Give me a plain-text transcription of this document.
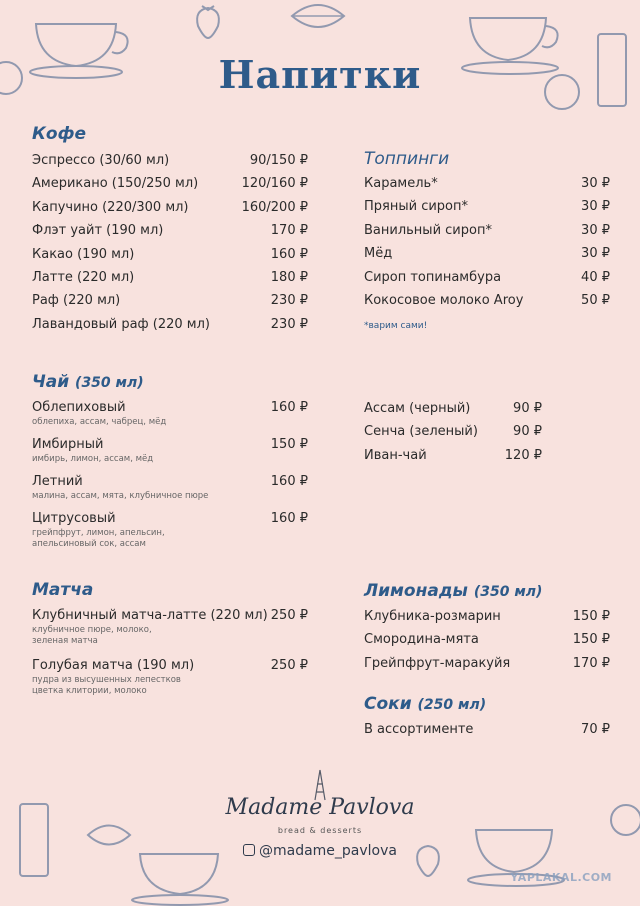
Напитки
Кофе
Эспрессо (30/60 мл)	90/150 ₽
Американо (150/250 мл)	120/160 ₽
Капучино (220/300 мл)	160/200 ₽
Флэт уайт (190 мл)	170 ₽
Какао (190 мл)	160 ₽
Латте (220 мл)	180 ₽
Раф (220 мл)	230 ₽
Лавандовый раф (220 мл)	230 ₽
Топпинги
Карамель*	30 ₽
Пряный сироп*	30 ₽
Ванильный сироп*	30 ₽
Мёд	30 ₽
Сироп топинамбура	40 ₽
Кокосовое молоко Aroy	50 ₽
*варим сами!
Чай (350 мл)
Облепиховый	160 ₽
облепиха, ассам, чабрец, мёд
Имбирный	150 ₽
имбирь, лимон, ассам, мёд
Летний	160 ₽
малина, ассам, мята, клубничное пюре
Цитрусовый	160 ₽
грейпфрут, лимон, апельсин, апельсиновый сок, ассам
Ассам (черный)	90 ₽
Сенча (зеленый)	90 ₽
Иван-чай	120 ₽
Матча
Клубничный матча-латте (220 мл) 250 ₽
клубничное пюре, молоко, зеленая матча
Голубая матча (190 мл)	250 ₽
пудра из высушенных лепестков цветка клитории, молоко
Лимонады (350 мл)
Клубника-розмарин	150 ₽
Смородина-мята	150 ₽
Грейпфрут-маракуйя	170 ₽
Соки (250 мл)
В ассортименте	70 ₽
Madame Pavlova
bread & desserts
@madame_pavlova
YAPLAKAL.COM
